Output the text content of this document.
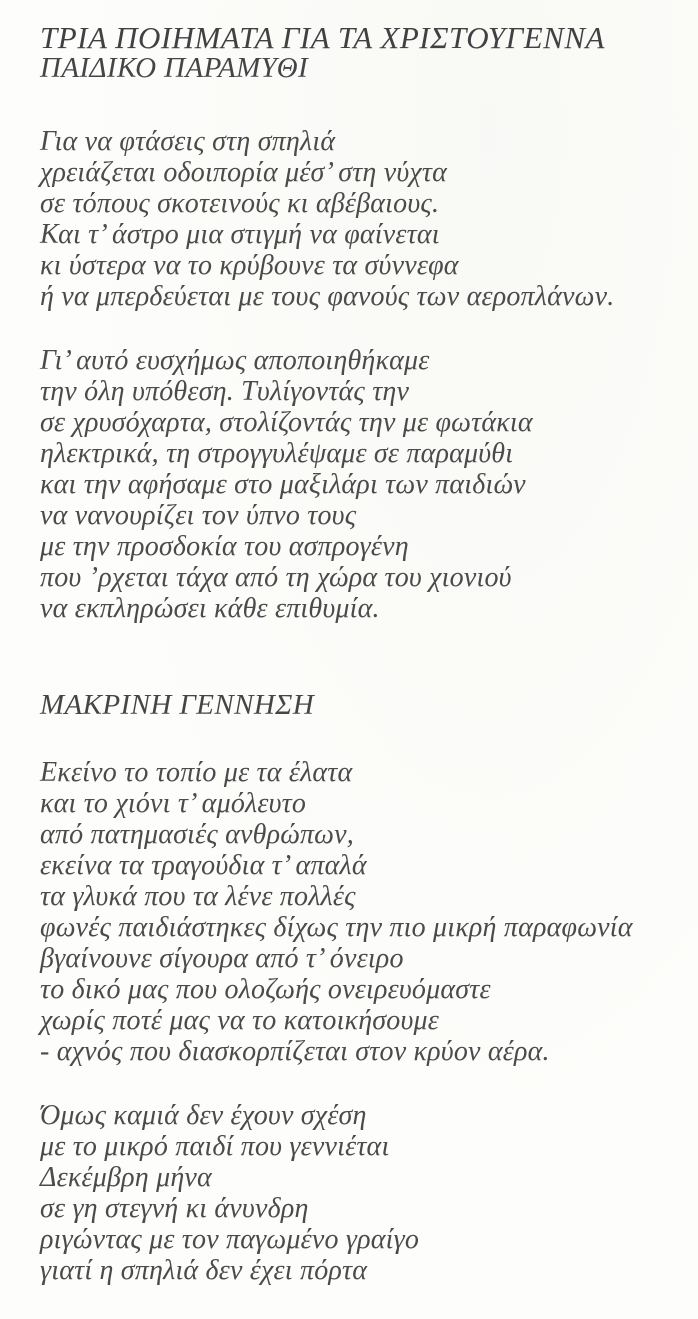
ΤΡΙΑ ΠΟΙΗΜΑΤΑ ΓΙΑ ΤΑ ΧΡΙΣΤΟΥΓΕΝΝΑ
ΠΑΙΔΙΚΟ ΠΑΡΑΜΥΘΙ
Για να φτάσεις στη σπηλιά
χρειάζεται οδοιπορία μέσ’ στη νύχτα
σε τόπους σκοτεινούς κι αβέβαιους.
Και τ’ άστρο μια στιγμή να φαίνεται
κι ύστερα να το κρύβουνε τα σύννεφα
ή να μπερδεύεται με τους φανούς των αεροπλάνων.
Γι’ αυτό ευσχήμως αποποιηθήκαμε
την όλη υπόθεση. Τυλίγοντάς την
σε χρυσόχαρτα, στολίζοντάς την με φωτάκια
ηλεκτρικά, τη στρογγυλέψαμε σε παραμύθι
και την αφήσαμε στο μαξιλάρι των παιδιών
να νανουρίζει τον ύπνο τους
με την προσδοκία του ασπρογένη
που ’ρχεται τάχα από τη χώρα του χιονιού
να εκπληρώσει κάθε επιθυμία.
ΜΑΚΡΙΝΗ ΓΕΝΝΗΣΗ
Εκείνο το τοπίο με τα έλατα
και το χιόνι τ’ αμόλευτο
από πατημασιές ανθρώπων,
εκείνα τα τραγούδια τ’ απαλά
τα γλυκά που τα λένε πολλές
φωνές παιδιάστηκες δίχως την πιο μικρή παραφωνία
βγαίνουνε σίγουρα από τ’ όνειρο
το δικό μας που ολοζωής ονειρευόμαστε
χωρίς ποτέ μας να το κατοικήσουμε
- αχνός που διασκορπίζεται στον κρύον αέρα.
Όμως καμιά δεν έχουν σχέση
με το μικρό παιδί που γεννιέται
Δεκέμβρη μήνα
σε γη στεγνή κι άνυνδρη
ριγώντας με τον παγωμένο γραίγο
γιατί η σπηλιά δεν έχει πόρτα
